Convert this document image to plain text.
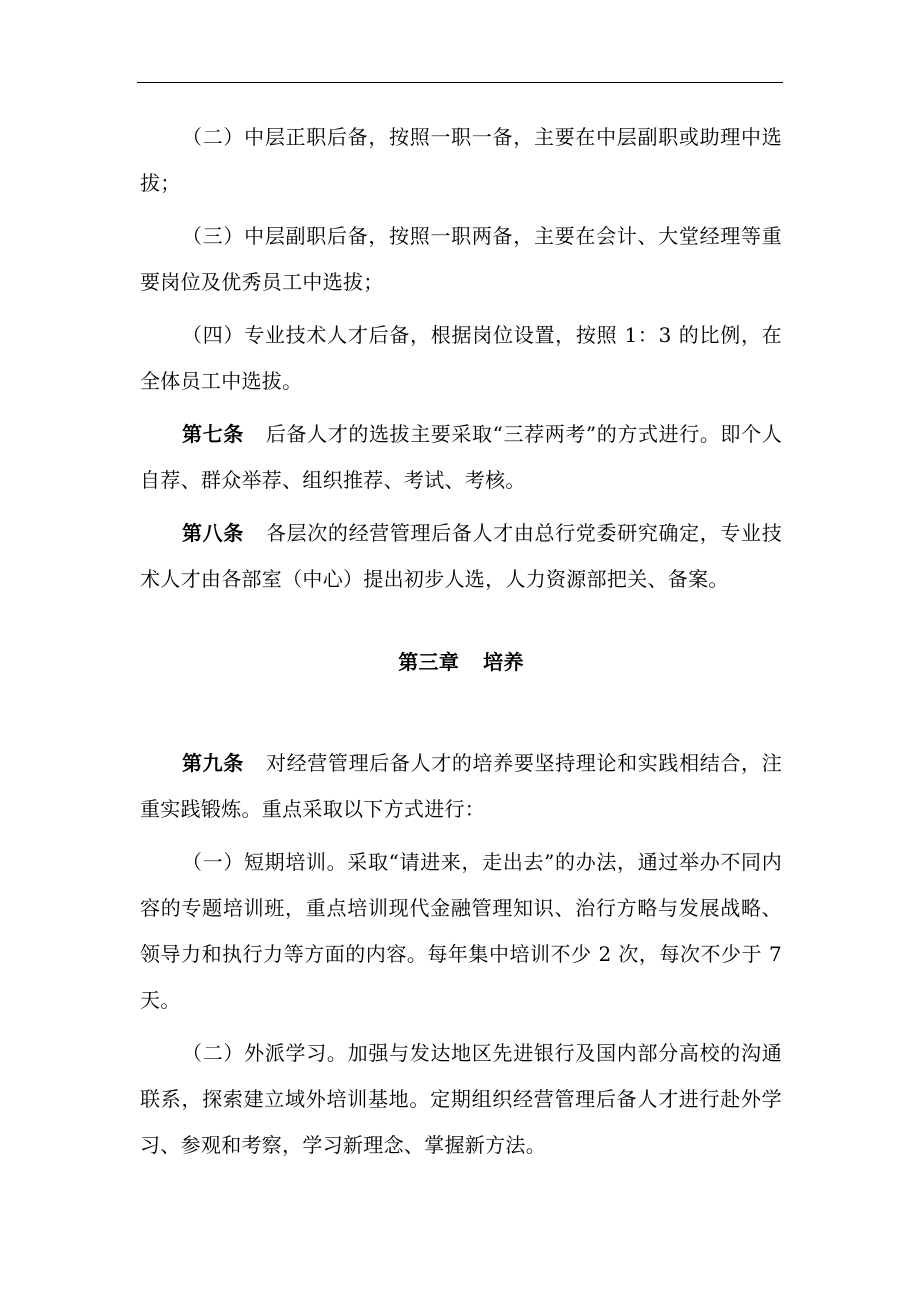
（二）中层正职后备，按照一职一备，主要在中层副职或助理中选拔；

（三）中层副职后备，按照一职两备，主要在会计、大堂经理等重要岗位及优秀员工中选拔；

（四）专业技术人才后备，根据岗位设置，按照 1：3 的比例，在全体员工中选拔。

第七条 后备人才的选拔主要采取“三荐两考”的方式进行。即个人自荐、群众举荐、组织推荐、考试、考核。

第八条 各层次的经营管理后备人才由总行党委研究确定，专业技术人才由各部室（中心）提出初步人选，人力资源部把关、备案。

第三章 培养

第九条 对经营管理后备人才的培养要坚持理论和实践相结合，注重实践锻炼。重点采取以下方式进行：

（一）短期培训。采取“请进来，走出去”的办法，通过举办不同内容的专题培训班，重点培训现代金融管理知识、治行方略与发展战略、领导力和执行力等方面的内容。每年集中培训不少 2 次，每次不少于 7 天。

（二）外派学习。加强与发达地区先进银行及国内部分高校的沟通联系，探索建立域外培训基地。定期组织经营管理后备人才进行赴外学习、参观和考察，学习新理念、掌握新方法。
